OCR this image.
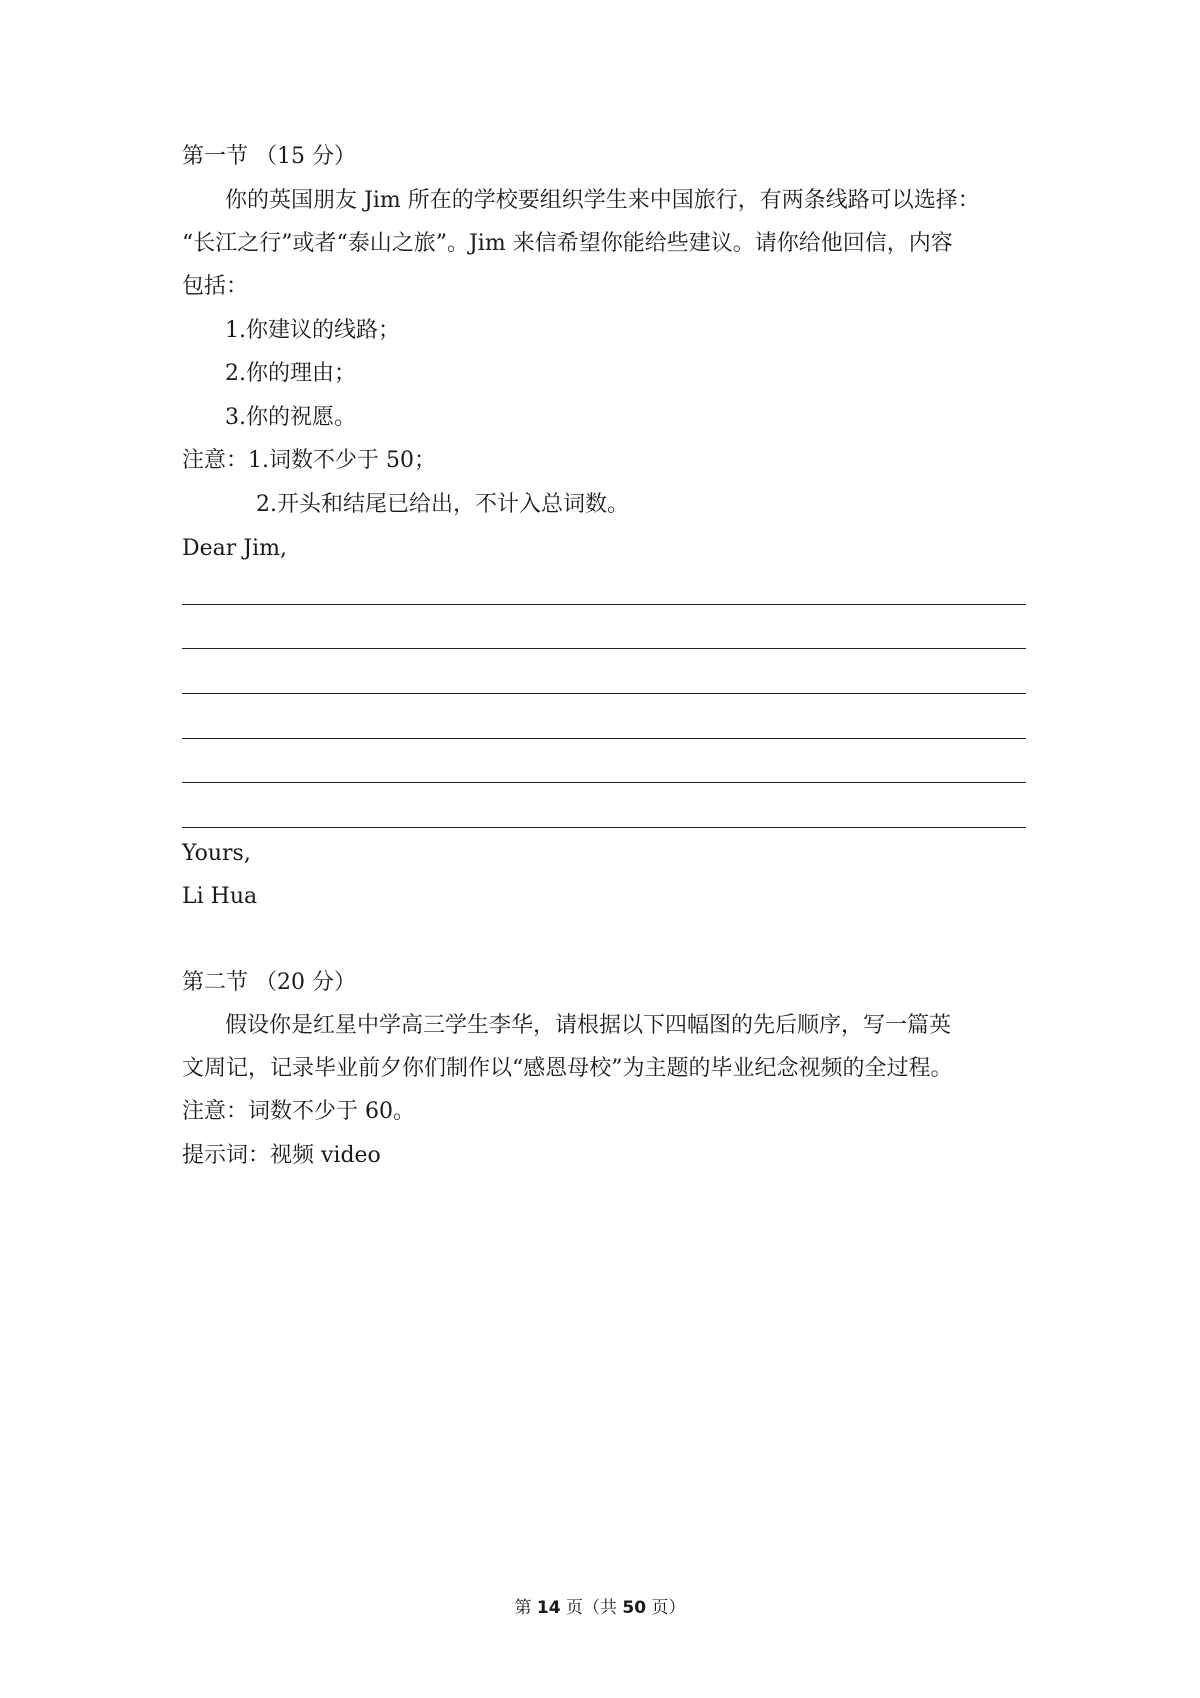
第一节 （15 分）
你的英国朋友 Jim 所在的学校要组织学生来中国旅行，有两条线路可以选择：
“长江之行”或者“泰山之旅”。Jim 来信希望你能给些建议。请你给他回信，内容
包括：
1.你建议的线路；
2.你的理由；
3.你的祝愿。
注意：1.词数不少于 50；
2.开头和结尾已给出，不计入总词数。
Dear Jim,
Yours,
Li Hua
第二节 （20 分）
假设你是红星中学高三学生李华，请根据以下四幅图的先后顺序，写一篇英
文周记，记录毕业前夕你们制作以“感恩母校”为主题的毕业纪念视频的全过程。
注意：词数不少于 60。
提示词：视频 video
第 14 页（共 50 页）
